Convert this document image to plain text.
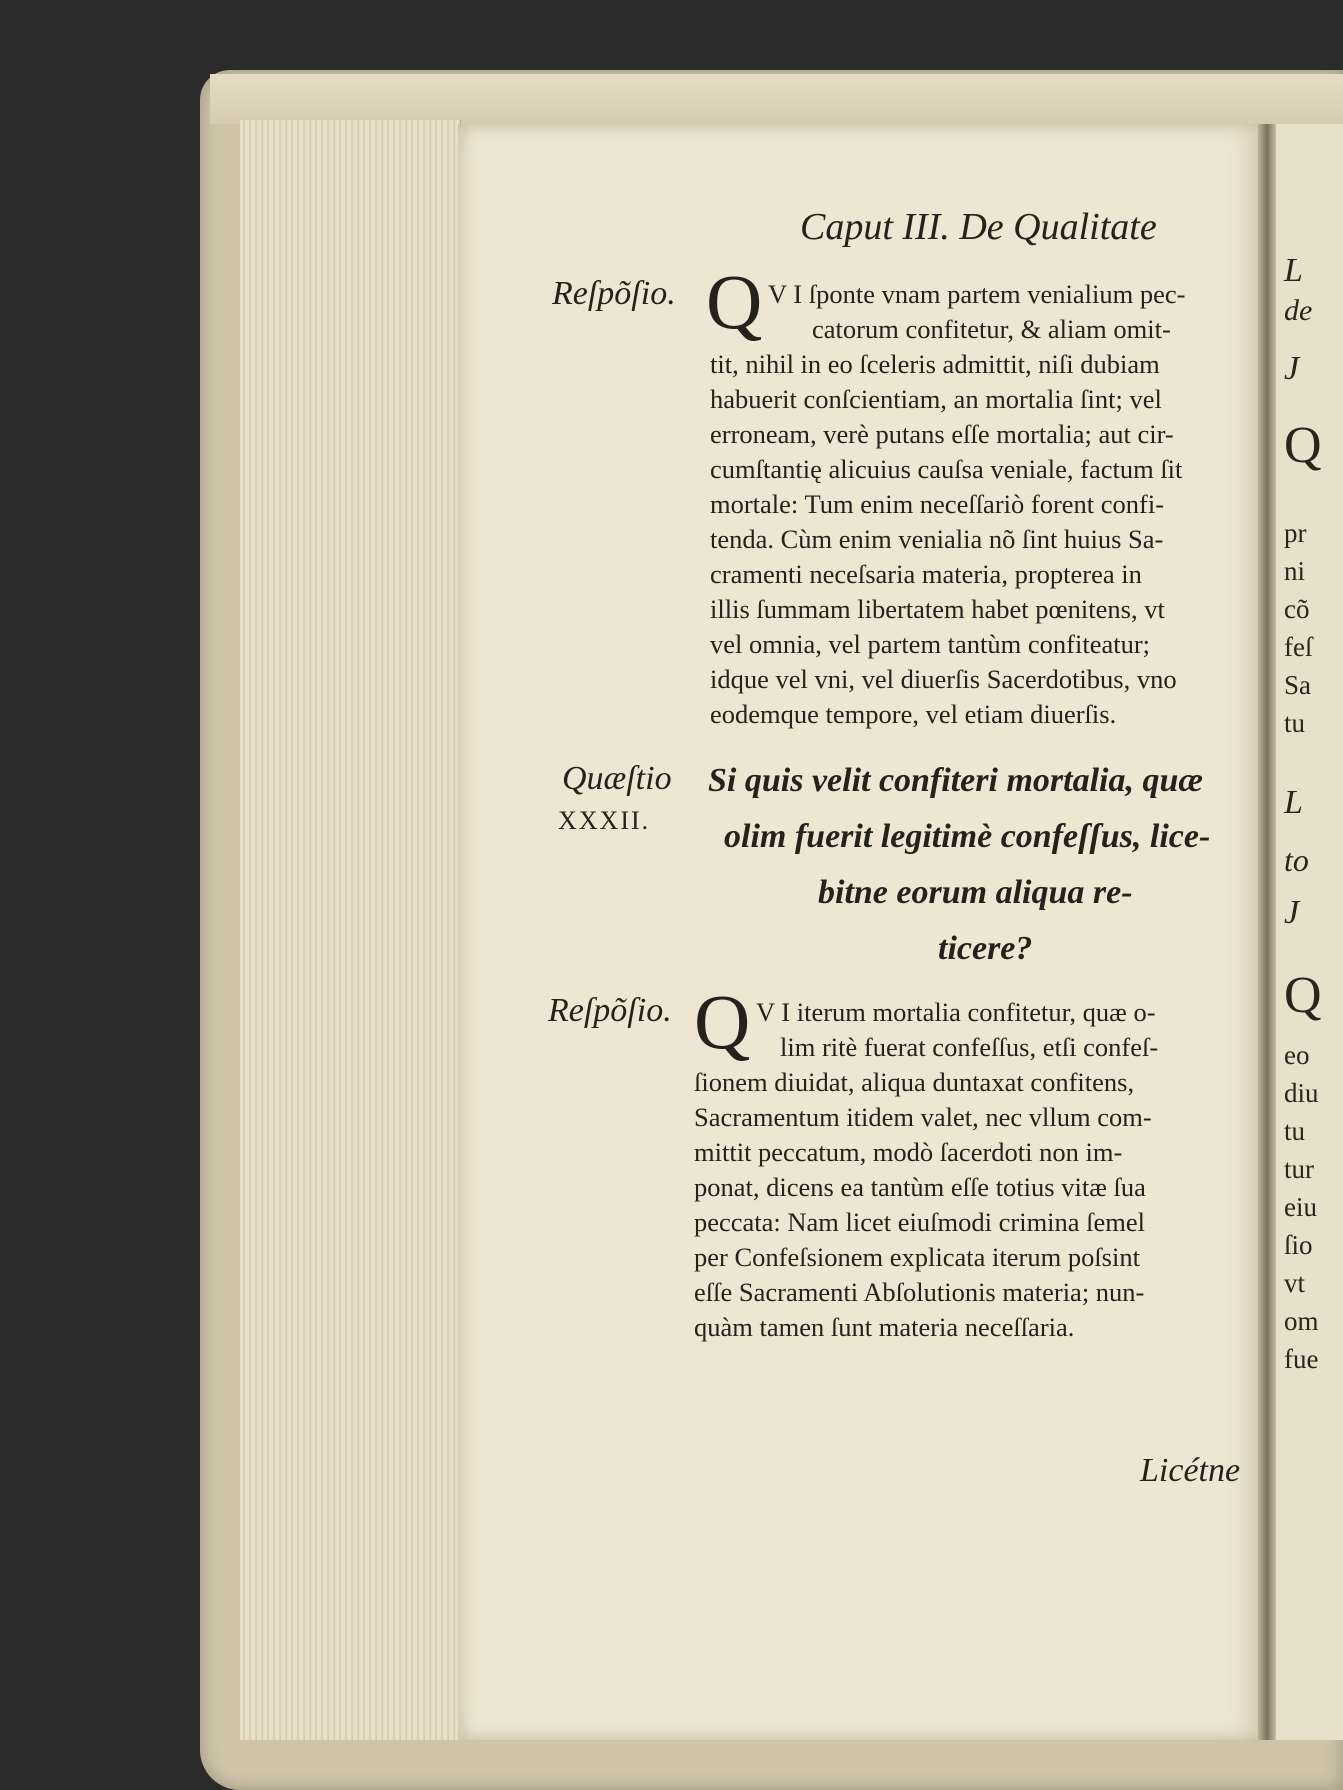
L
de
J
Q
pr
ni
cõ
feſ
Sa
tu
L
to
J
Q
eo
diu
tu
tur
eiu
ſio
vt
om
fue
Caput III. De Qualitate
Reſpõſio. Q V I ſponte vnam partem venialium pec-
catorum confitetur, & aliam omit-
tit, nihil in eo ſceleris admittit, niſi dubiam
habuerit conſcientiam, an mortalia ſint; vel
erroneam, verè putans eſſe mortalia; aut cir-
cumſtantię alicuius cauſsa veniale, factum ſit
mortale: Tum enim neceſſariò forent confi-
tenda. Cùm enim venialia nõ ſint huius Sa-
cramenti neceſsaria materia, propterea in
illis ſummam libertatem habet pœnitens, vt
vel omnia, vel partem tantùm confiteatur;
idque vel vni, vel diuerſis Sacerdotibus, vno
eodemque tempore, vel etiam diuerſis.
Quæſtio
XXXII.
Si quis velit confiteri mortalia, quæ
olim fuerit legitimè confeſſus, lice-
bitne eorum aliqua re-
ticere?
Reſpõſio. Q V I iterum mortalia confitetur, quæ o-
lim ritè fuerat confeſſus, etſi confeſ-
ſionem diuidat, aliqua duntaxat confitens,
Sacramentum itidem valet, nec vllum com-
mittit peccatum, modò ſacerdoti non im-
ponat, dicens ea tantùm eſſe totius vitæ ſua
peccata: Nam licet eiuſmodi crimina ſemel
per Confeſsionem explicata iterum poſsint
eſſe Sacramenti Abſolutionis materia; nun-
quàm tamen ſunt materia neceſſaria.
Licétne
